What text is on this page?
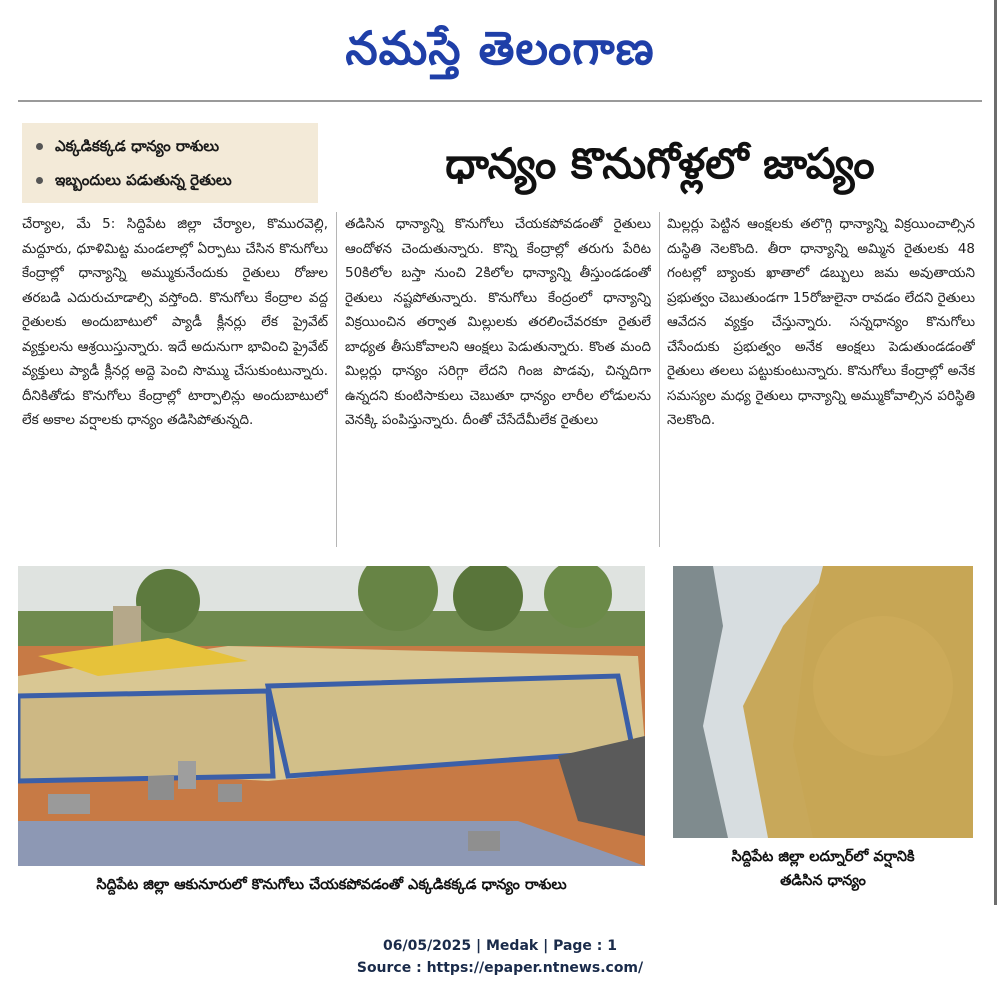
నమస్తే తెలంగాణ
ఎక్కడికక్కడ ధాన్యం రాశులు
ఇబ్బందులు పడుతున్న రైతులు	ధాన్యం కొనుగోళ్లలో జాప్యం
చేర్యాల, మే 5: సిద్దిపేట జిల్లా చేర్యాల, కొమురవెల్లి, మద్దూరు, ధూళిమిట్ట మండలాల్లో ఏర్పాటు చేసిన కొనుగోలు కేంద్రాల్లో ధాన్యాన్ని అమ్ముకునేందుకు రైతులు రోజుల తరబడి ఎదురుచూడాల్సి వస్తోంది. కొనుగోలు కేంద్రాల వద్ద రైతులకు అందుబాటులో ప్యాడీ క్లీనర్లు లేక ప్రైవేట్ వ్యక్తులను ఆశ్రయిస్తున్నారు. ఇదే అదునుగా భావించి ప్రైవేట్ వ్యక్తులు ప్యాడీ క్లీనర్ల అద్దె పెంచి సొమ్ము చేసుకుంటున్నారు. దీనికితోడు కొనుగోలు కేంద్రాల్లో టార్పాలిన్లు అందుబాటులో లేక అకాల వర్షాలకు ధాన్యం తడిసిపోతున్నది.
తడిసిన ధాన్యాన్ని కొనుగోలు చేయకపోవడంతో రైతులు ఆందోళన చెందుతున్నారు. కొన్ని కేంద్రాల్లో తరుగు పేరిట 50కిలోల బస్తా నుంచి 2కిలోల ధాన్యాన్ని తీస్తుండడంతో రైతులు నష్టపోతున్నారు. కొనుగోలు కేంద్రంలో ధాన్యాన్ని విక్రయించిన తర్వాత మిల్లులకు తరలించేవరకూ రైతులే బాధ్యత తీసుకోవాలని ఆంక్షలు పెడుతున్నారు. కొంత మంది మిల్లర్లు ధాన్యం సరిగ్గా లేదని గింజ పొడవు, చిన్నదిగా ఉన్నదని కుంటిసాకులు చెబుతూ ధాన్యం లారీల లోడులను వెనక్కి పంపిస్తున్నారు. దీంతో చేసేదేమీలేక రైతులు
మిల్లర్లు పెట్టిన ఆంక్షలకు తలొగ్గి ధాన్యాన్ని విక్రయించాల్సిన దుస్థితి నెలకొంది. తీరా ధాన్యాన్ని అమ్మిన రైతులకు 48 గంటల్లో బ్యాంకు ఖాతాలో డబ్బులు జమ అవుతాయని ప్రభుత్వం చెబుతుండగా 15రోజులైనా రావడం లేదని రైతులు ఆవేదన వ్యక్తం చేస్తున్నారు. సన్నధాన్యం కొనుగోలు చేసేందుకు ప్రభుత్వం అనేక ఆంక్షలు పెడుతుండడంతో రైతులు తలలు పట్టుకుంటున్నారు. కొనుగోలు కేంద్రాల్లో అనేక సమస్యల మధ్య రైతులు ధాన్యాన్ని అమ్ముకోవాల్సిన పరిస్థితి నెలకొంది.
సిద్దిపేట జిల్లా ఆకునూరులో కొనుగోలు చేయకపోవడంతో ఎక్కడికక్కడ ధాన్యం రాశులు
సిద్దిపేట జిల్లా లద్నూర్‌లో వర్షానికి
తడిసిన ధాన్యం
06/05/2025 | Medak | Page : 1
Source : https://epaper.ntnews.com/
